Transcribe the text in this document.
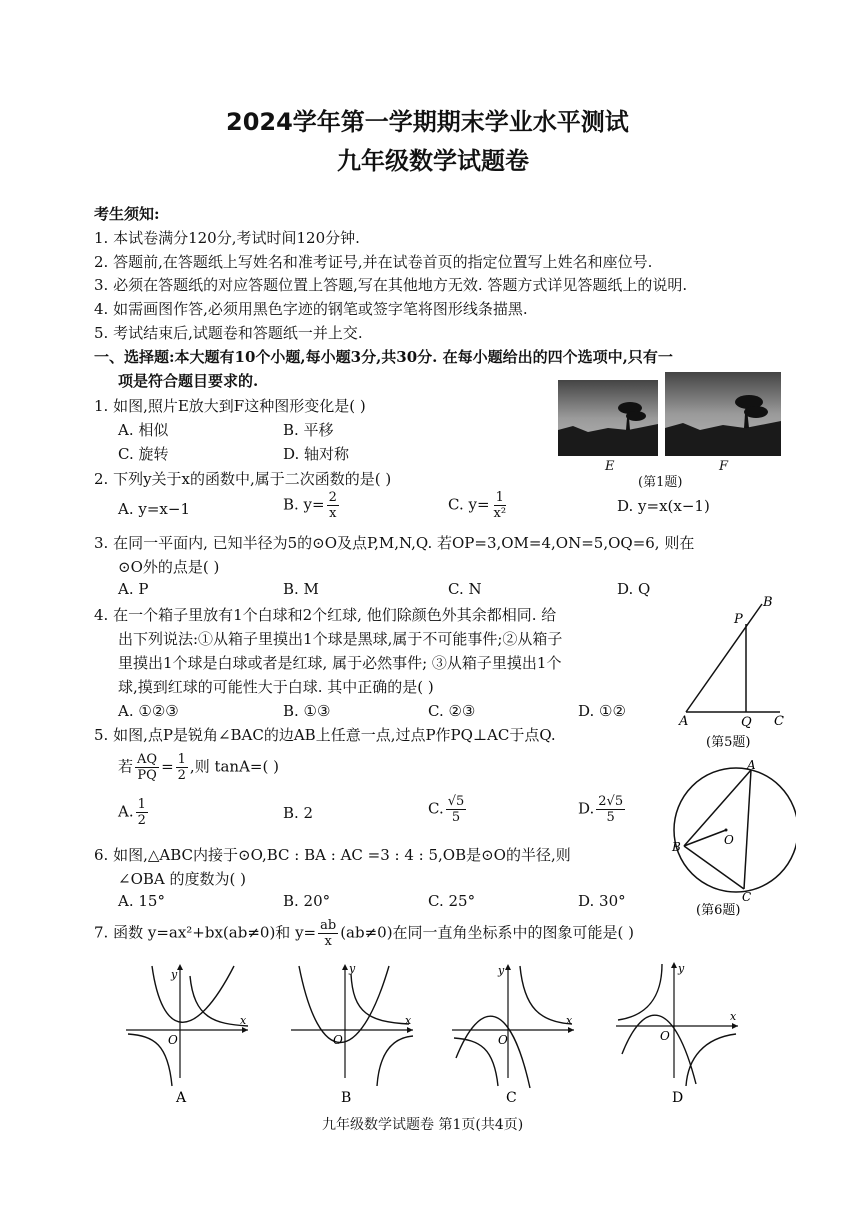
2024学年第一学期期末学业水平测试
九年级数学试题卷
考生须知:
1. 本试卷满分120分,考试时间120分钟.
2. 答题前,在答题纸上写姓名和准考证号,并在试卷首页的指定位置写上姓名和座位号.
3. 必须在答题纸的对应答题位置上答题,写在其他地方无效. 答题方式详见答题纸上的说明.
4. 如需画图作答,必须用黑色字迹的钢笔或签字笔将图形线条描黑.
5. 考试结束后,试题卷和答题纸一并上交.
一、选择题:本大题有10个小题,每小题3分,共30分. 在每小题给出的四个选项中,只有一
项是符合题目要求的.
1. 如图,照片E放大到F这种图形变化是( )
A. 相似	B. 平移
C. 旋转	D. 轴对称
E
(第1题)
F
2. 下列y关于x的函数中,属于二次函数的是( )
A. y=x−1	B. $y= \frac{2}{x}$	C. $y= \frac{1}{\text{x²}}$	D. y=x(x−1)
3. 在同一平面内, 已知半径为5的⊙O及点P,M,N,Q. 若OP=3,OM=4,ON=5,OQ=6, 则在
⊙O外的点是( )
A. P	B. M	C. N	D. Q
4. 在一个箱子里放有1个白球和2个红球, 他们除颜色外其余都相同. 给
出下列说法:①从箱子里摸出1个球是黑球,属于不可能事件;②从箱子
里摸出1个球是白球或者是红球, 属于必然事件; ③从箱子里摸出1个
球,摸到红球的可能性大于白球. 其中正确的是( )
A. ①②③	B. ①③	C. ②③	D. ①②
A
B
C
P
Q
(第5题)
5. 如图,点P是锐角∠BAC的边AB上任意一点,过点P作PQ⊥AC于点Q.
若 $\frac{AQ}{PQ} = \frac{1}{2}$ ,则 tanA=( )
A. $\frac{1}{2}$	B. 2	C. $\frac{√5}{5}$	D. $\frac{2√5}{5}$
A
B
C
O
(第6题)
6. 如图,△ABC内接于⊙O,BC : BA : AC =3 : 4 : 5,OB是⊙O的半径,则
∠OBA 的度数为( )
A. 15°	B. 20°	C. 25°	D. 30°
7. 函数 y=ax²+bx(ab≠0)和 $y= \frac{ab}{x} (ab\ne 0)$在同一直角坐标系中的图象可能是( )
O
y
x
A
O
y
x
B
O
y
x
C
O
y
x
D
九年级数学试题卷 第1页(共4页)
